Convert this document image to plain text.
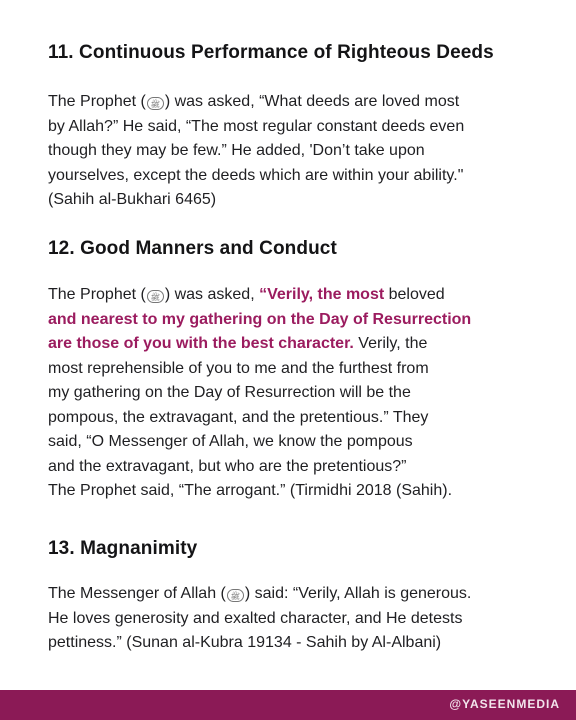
11. Continuous Performance of Righteous Deeds
The Prophet ( ﷺ ) was asked, “What deeds are loved most
by Allah?” He said, “The most regular constant deeds even
though they may be few.” He added, 'Don’t take upon
yourselves, except the deeds which are within your ability."
(Sahih al-Bukhari 6465)
12. Good Manners and Conduct
The Prophet ( ﷺ ) was asked, “Verily, the most beloved
and nearest to my gathering on the Day of Resurrection
are those of you with the best character. Verily, the
most reprehensible of you to me and the furthest from
my gathering on the Day of Resurrection will be the
pompous, the extravagant, and the pretentious.” They
said, “O Messenger of Allah, we know the pompous
and the extravagant, but who are the pretentious?”
The Prophet said, “The arrogant.” (Tirmidhi 2018 (Sahih).
13. Magnanimity
The Messenger of Allah ( ﷺ ) said: “Verily, Allah is generous.
He loves generosity and exalted character, and He detests
pettiness.” (Sunan al-Kubra 19134 - Sahih by Al-Albani)
@YASEENMEDIA
